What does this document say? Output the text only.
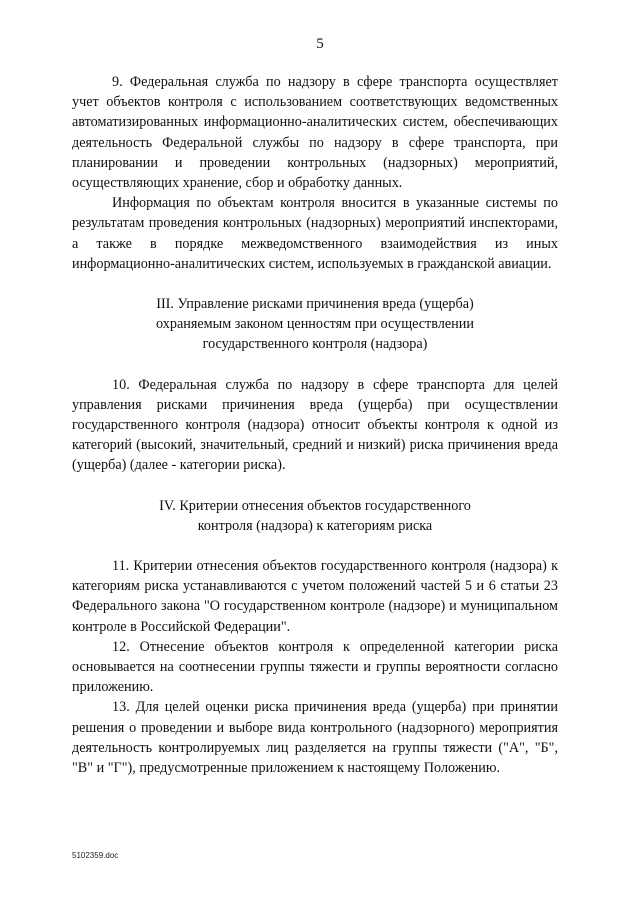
5

9. Федеральная служба по надзору в сфере транспорта осуществляет учет объектов контроля с использованием соответствующих ведомственных автоматизированных информационно-аналитических систем, обеспечивающих деятельность Федеральной службы по надзору в сфере транспорта, при планировании и проведении контрольных (надзорных) мероприятий, осуществляющих хранение, сбор и обработку данных.

Информация по объектам контроля вносится в указанные системы по результатам проведения контрольных (надзорных) мероприятий инспекторами, а также в порядке межведомственного взаимодействия из иных информационно-аналитических систем, используемых в гражданской авиации.

III. Управление рисками причинения вреда (ущерба)
охраняемым законом ценностям при осуществлении
государственного контроля (надзора)

10. Федеральная служба по надзору в сфере транспорта для целей управления рисками причинения вреда (ущерба) при осуществлении государственного контроля (надзора) относит объекты контроля к одной из категорий (высокий, значительный, средний и низкий) риска причинения вреда (ущерба) (далее - категории риска).

IV. Критерии отнесения объектов государственного
контроля (надзора) к категориям риска

11. Критерии отнесения объектов государственного контроля (надзора) к категориям риска устанавливаются с учетом положений частей 5 и 6 статьи 23 Федерального закона "О государственном контроле (надзоре) и муниципальном контроле в Российской Федерации".

12. Отнесение объектов контроля к определенной категории риска основывается на соотнесении группы тяжести и группы вероятности согласно приложению.

13. Для целей оценки риска причинения вреда (ущерба) при принятии решения о проведении и выборе вида контрольного (надзорного) мероприятия деятельность контролируемых лиц разделяется на группы тяжести ("А", "Б", "В" и "Г"), предусмотренные приложением к настоящему Положению.

5102359.doc
